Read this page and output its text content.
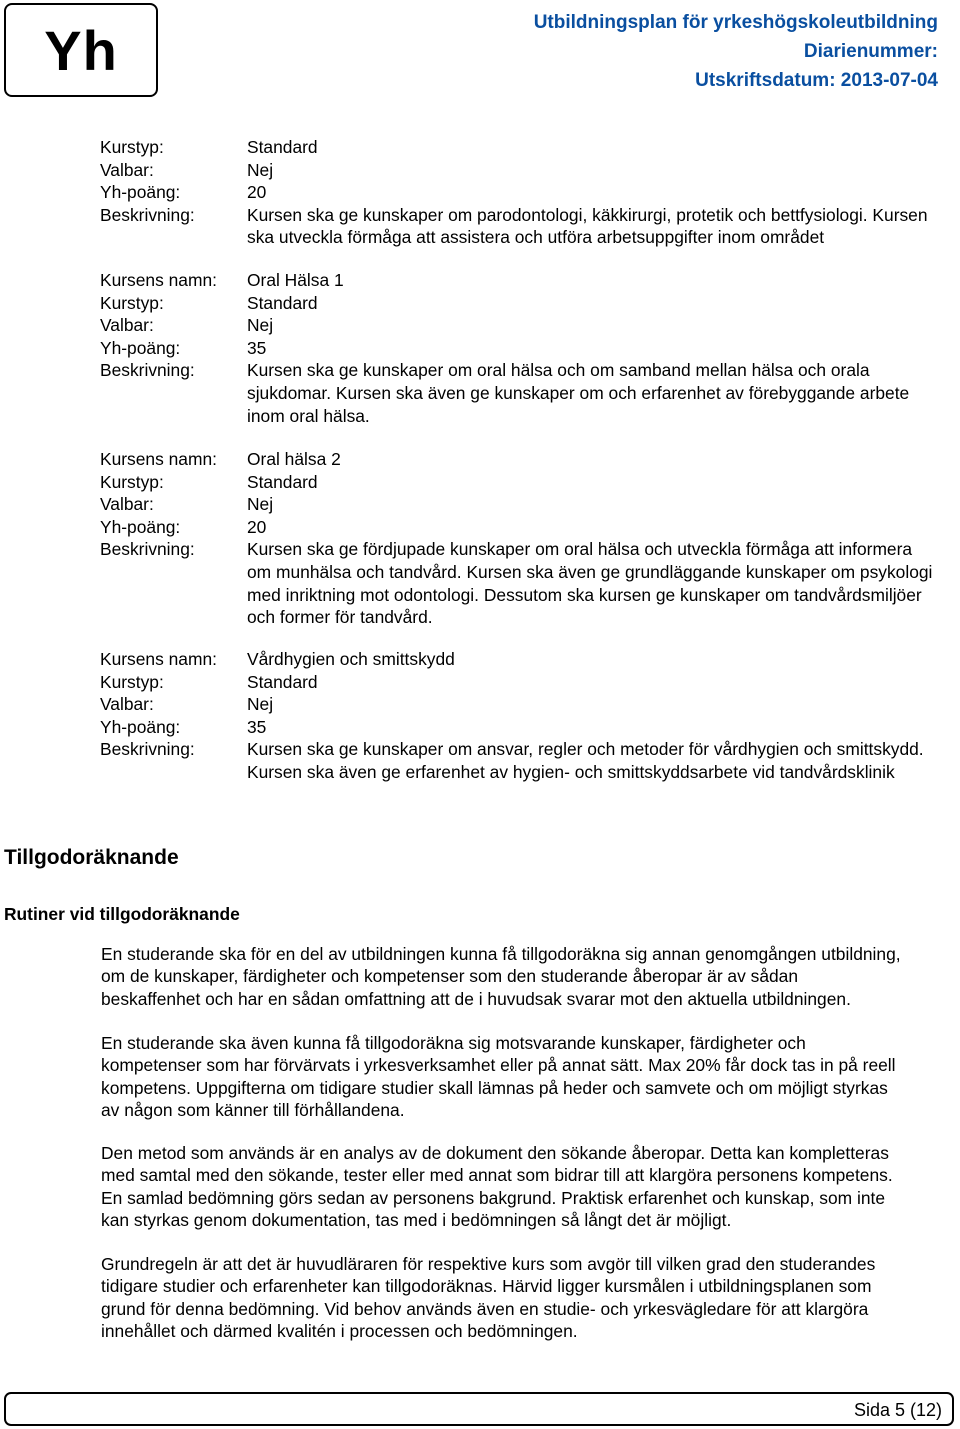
Yh	Utbildningsplan för yrkeshögskoleutbildning
Diarienummer:
Utskriftsdatum: 2013-07-04
Kurstyp:	Standard
Valbar:	Nej
Yh-poäng:	20
Beskrivning:	Kursen ska ge kunskaper om parodontologi, käkkirurgi, protetik och bettfysiologi. Kursen ska utveckla förmåga att assistera och utföra arbetsuppgifter inom området
Kursens namn:	Oral Hälsa 1
Kurstyp:	Standard
Valbar:	Nej
Yh-poäng:	35
Beskrivning:	Kursen ska ge kunskaper om oral hälsa och om samband mellan hälsa och orala sjukdomar. Kursen ska även ge kunskaper om och erfarenhet av förebyggande arbete inom oral hälsa.
Kursens namn:	Oral hälsa 2
Kurstyp:	Standard
Valbar:	Nej
Yh-poäng:	20
Beskrivning:	Kursen ska ge fördjupade kunskaper om oral hälsa och utveckla förmåga att informera om munhälsa och tandvård. Kursen ska även ge grundläggande kunskaper om psykologi med inriktning mot odontologi. Dessutom ska kursen ge kunskaper om tandvårdsmiljöer och former för tandvård.
Kursens namn:	Vårdhygien och smittskydd
Kurstyp:	Standard
Valbar:	Nej
Yh-poäng:	35
Beskrivning:	Kursen ska ge kunskaper om ansvar, regler och metoder för vårdhygien och smittskydd. Kursen ska även ge erfarenhet av hygien- och smittskyddsarbete vid tandvårdsklinik
Tillgodoräknande
Rutiner vid tillgodoräknande
En studerande ska för en del av utbildningen kunna få tillgodoräkna sig annan genomgången utbildning, om de kunskaper, färdigheter och kompetenser som den studerande åberopar är av sådan beskaffenhet och har en sådan omfattning att de i huvudsak svarar mot den aktuella utbildningen.
En studerande ska även kunna få tillgodoräkna sig motsvarande kunskaper, färdigheter och kompetenser som har förvärvats i yrkesverksamhet eller på annat sätt. Max 20% får dock tas in på reell kompetens. Uppgifterna om tidigare studier skall lämnas på heder och samvete och om möjligt styrkas av någon som känner till förhållandena.
Den metod som används är en analys av de dokument den sökande åberopar. Detta kan kompletteras med samtal med den sökande, tester eller med annat som bidrar till att klargöra personens kompetens. En samlad bedömning görs sedan av personens bakgrund. Praktisk erfarenhet och kunskap, som inte kan styrkas genom dokumentation, tas med i bedömningen så långt det är möjligt.
Grundregeln är att det är huvudläraren för respektive kurs som avgör till vilken grad den studerandes tidigare studier och erfarenheter kan tillgodoräknas. Härvid ligger kursmålen i utbildningsplanen som grund för denna bedömning. Vid behov används även en studie- och yrkesvägledare för att klargöra innehållet och därmed kvalitén i processen och bedömningen.
Sida 5 (12)
